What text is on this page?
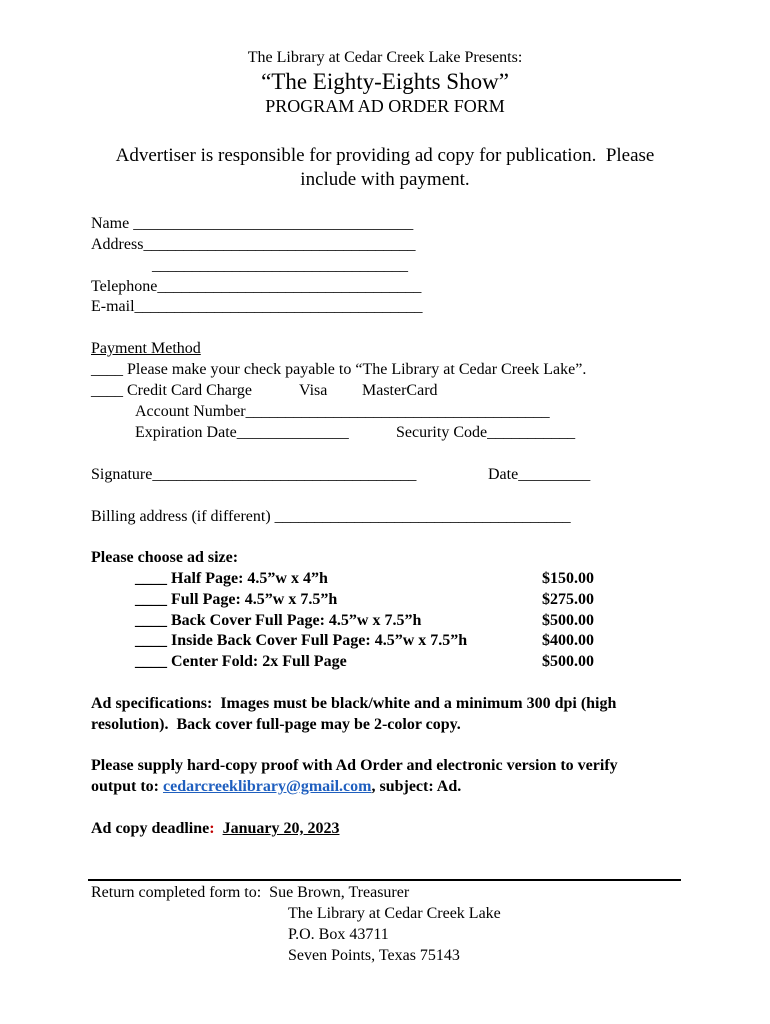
The Library at Cedar Creek Lake Presents:
“The Eighty-Eights Show”
PROGRAM AD ORDER FORM
Advertiser is responsible for providing ad copy for publication.  Please
include with payment.
Name ___________________________________
Address__________________________________
________________________________
Telephone_________________________________
E-mail____________________________________
Payment Method
____ Please make your check payable to “The Library at Cedar Creek Lake”.
____ Credit Card Charge	Visa MasterCard
Account Number______________________________________
Expiration Date______________	Security Code___________
Signature_________________________________	Date_________
Billing address (if different) _____________________________________
Please choose ad size:
____ Half Page: 4.5”w x 4”h	$150.00
____ Full Page: 4.5”w x 7.5”h	$275.00
____ Back Cover Full Page: 4.5”w x 7.5”h	$500.00
____ Inside Back Cover Full Page: 4.5”w x 7.5”h	$400.00
____ Center Fold: 2x Full Page	$500.00
Ad specifications:  Images must be black/white and a minimum 300 dpi (high
resolution).  Back cover full-page may be 2-color copy.
Please supply hard-copy proof with Ad Order and electronic version to verify
output to: cedarcreeklibrary@gmail.com, subject: Ad.
Ad copy deadline: January 20, 2023
Return completed form to:  Sue Brown, Treasurer
The Library at Cedar Creek Lake
P.O. Box 43711
Seven Points, Texas 75143
